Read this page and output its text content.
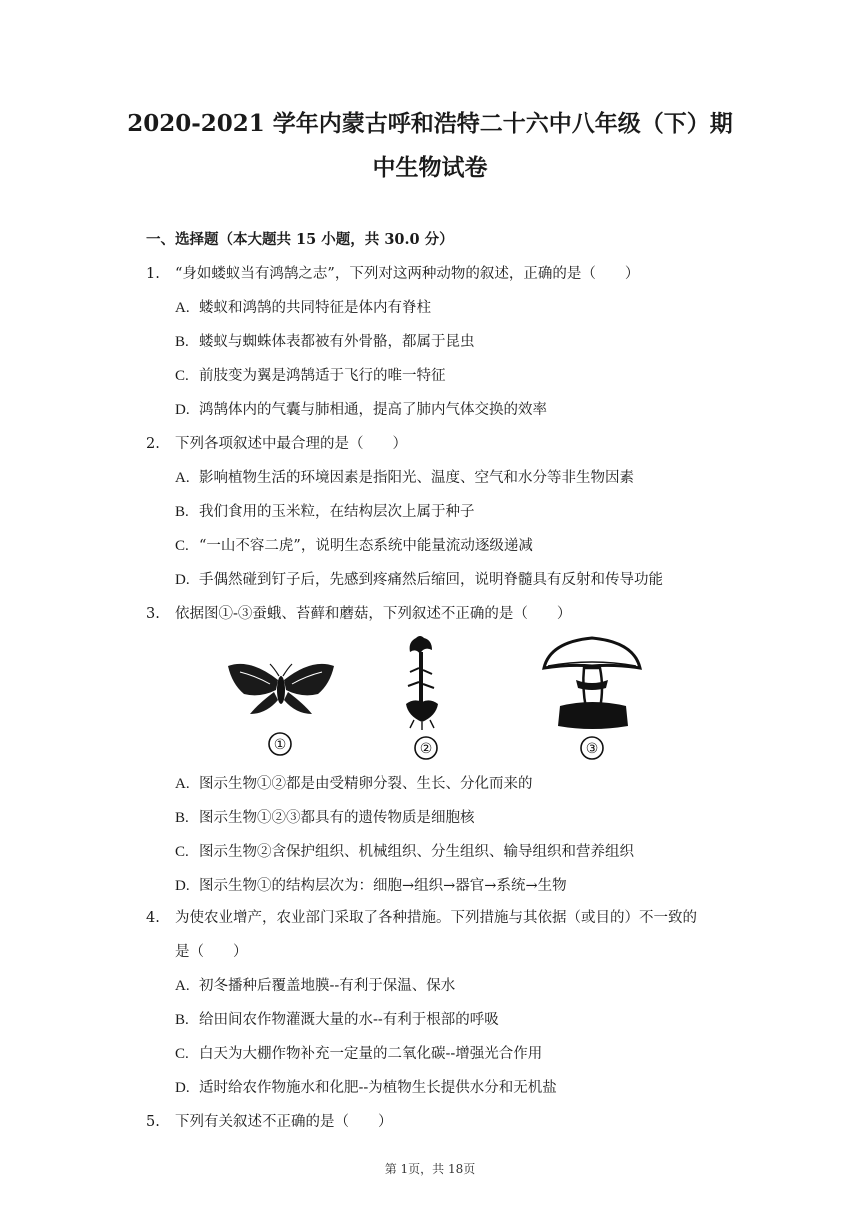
2020-2021 学年内蒙古呼和浩特二十六中八年级（下）期
中生物试卷
一、选择题（本大题共 15 小题，共 30.0 分）
1. “身如蝼蚁当有鸿鹄之志”，下列对这两种动物的叙述，正确的是（　　）
A. 蝼蚁和鸿鹄的共同特征是体内有脊柱
B. 蝼蚁与蜘蛛体表都被有外骨骼，都属于昆虫
C. 前肢变为翼是鸿鹄适于飞行的唯一特征
D. 鸿鹄体内的气囊与肺相通，提高了肺内气体交换的效率
2. 下列各项叙述中最合理的是（　　）
A. 影响植物生活的环境因素是指阳光、温度、空气和水分等非生物因素
B. 我们食用的玉米粒，在结构层次上属于种子
C. “一山不容二虎”，说明生态系统中能量流动逐级递减
D. 手偶然碰到钉子后，先感到疼痛然后缩回，说明脊髓具有反射和传导功能
3. 依据图①-③蚕蛾、苔藓和蘑菇，下列叙述不正确的是（　　）
①	②	③
A. 图示生物①②都是由受精卵分裂、生长、分化而来的
B. 图示生物①②③都具有的遗传物质是细胞核
C. 图示生物②含保护组织、机械组织、分生组织、输导组织和营养组织
D. 图示生物①的结构层次为：细胞→组织→器官→系统→生物
4. 为使农业增产，农业部门采取了各种措施。下列措施与其依据（或目的）不一致的
是（　　）
A. 初冬播种后覆盖地膜--有利于保温、保水
B. 给田间农作物灌溉大量的水--有利于根部的呼吸
C. 白天为大棚作物补充一定量的二氧化碳--增强光合作用
D. 适时给农作物施水和化肥--为植物生长提供水分和无机盐
5. 下列有关叙述不正确的是（　　）
第 1页，共 18页
